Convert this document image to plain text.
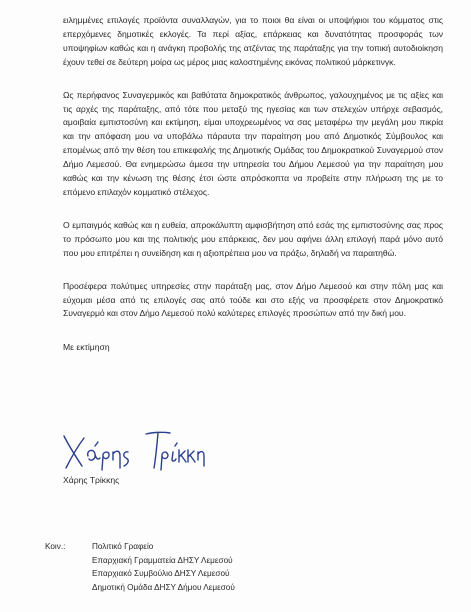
ειλημμένες επιλογές προϊόντα συναλλαγών, για το ποιοι θα είναι οι υποψήφιοι του κόμματος στις επερχόμενες δημοτικές εκλογές. Τα περί αξίας, επάρκειας και δυνατότητας προσφοράς των υποψηφίων καθώς και η ανάγκη προβολής της ατζέντας της παράταξης για την τοπική αυτοδιοίκηση έχουν τεθεί σε δεύτερη μοίρα ως μέρος μιας καλοστημένης εικόνας πολιτικού μάρκετινγκ.

Ως περήφανος Συναγερμικός και βαθύτατα δημοκρατικός άνθρωπος, γαλουχημένος με τις αξίες και τις αρχές της παράταξης, από τότε που μεταξύ της ηγεσίας και των στελεχών υπήρχε σεβασμός, αμοιβαία εμπιστοσύνη και εκτίμηση, είμαι υποχρεωμένος να σας μεταφέρω την μεγάλη μου πικρία και την απόφαση μου να υποβάλω πάραυτα την παραίτηση μου από Δημοτικός Σύμβουλος και επομένως από την θέση του επικεφαλής της Δημοτικής Ομάδας του Δημοκρατικού Συναγερμού στον Δήμο Λεμεσού. Θα ενημερώσω άμεσα την υπηρεσία του Δήμου Λεμεσού για την παραίτηση μου καθώς και την κένωση της θέσης έτσι ώστε απρόσκοπτα να προβείτε στην πλήρωση της με το επόμενο επιλαχόν κομματικό στέλεχος.

Ο εμπαιγμός καθώς και η ευθεία, απροκάλυπτη αμφισβήτηση από εσάς της εμπιστοσύνης σας προς το πρόσωπο μου και της πολιτικής μου επάρκειας, δεν μου αφήνει άλλη επιλογή παρά μόνο αυτό που μου επιτρέπει η συνείδηση και η αξιοπρέπεια μου να πράξω, δηλαδή να παραιτηθώ.

Προσέφερα πολύτιμες υπηρεσίες στην παράταξη μας, στον Δήμο Λεμεσού και στην πόλη μας και εύχομαι μέσα από τις επιλογές σας από τούδε και στο εξής να προσφέρετε στον Δημοκρατικό Συναγερμό και στον Δήμο Λεμεσού πολύ καλύτερες επιλογές προσώπων από την δική μου.

Με εκτίμηση

Χάρης Τρίκκης
Κοιν.:	Πολιτικό Γραφείο
Επαρχιακή Γραμματεία ΔΗΣΥ Λεμεσού
Επαρχιακό Συμβούλιο ΔΗΣΥ Λεμεσού
Δημοτική Ομάδα ΔΗΣΥ Δήμου Λεμεσού
